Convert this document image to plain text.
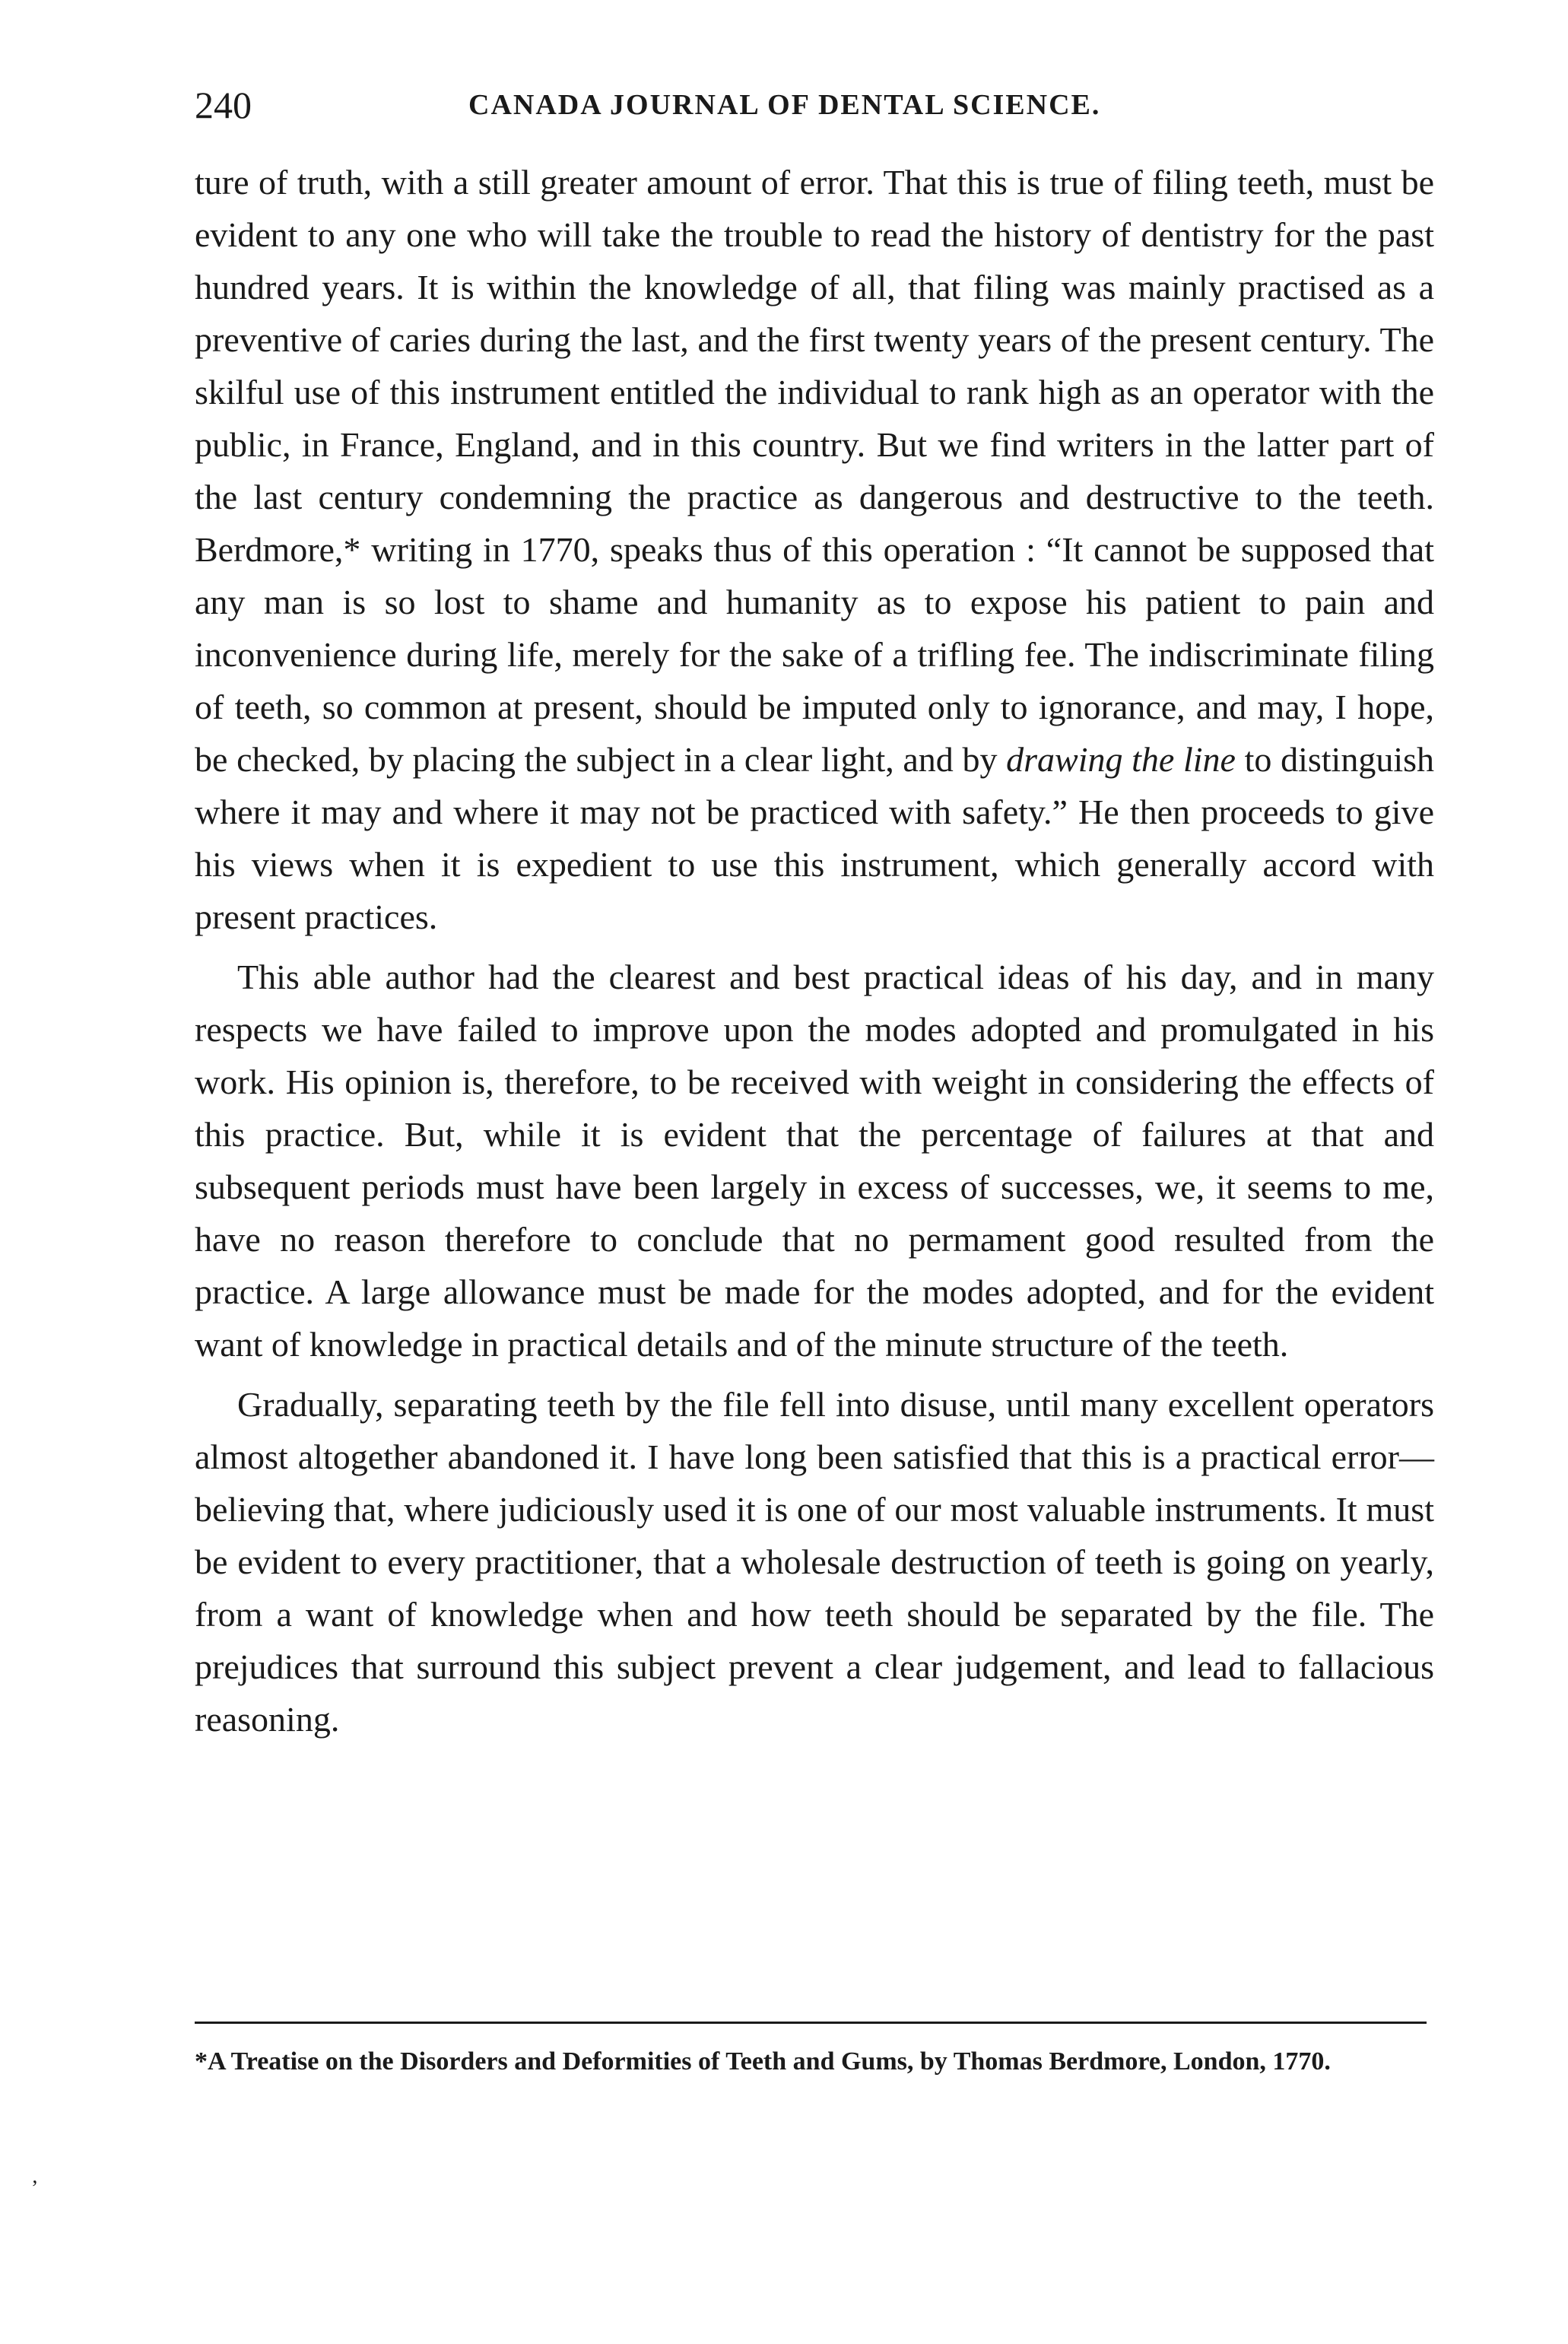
240	CANADA JOURNAL OF DENTAL SCIENCE.

ture of truth, with a still greater amount of error. That this is true of filing teeth, must be evident to any one who will take the trouble to read the history of dentistry for the past hundred years. It is within the knowledge of all, that filing was mainly practised as a preventive of caries during the last, and the first twenty years of the present century. The skilful use of this instrument entitled the individual to rank high as an operator with the public, in France, England, and in this country. But we find writers in the latter part of the last century condemning the practice as dangerous and destructive to the teeth. Berdmore,* writing in 1770, speaks thus of this operation : “It cannot be supposed that any man is so lost to shame and humanity as to expose his patient to pain and inconvenience during life, merely for the sake of a trifling fee. The indiscriminate filing of teeth, so common at present, should be imputed only to ignorance, and may, I hope, be checked, by placing the subject in a clear light, and by drawing the line to distinguish where it may and where it may not be practiced with safety.” He then proceeds to give his views when it is expedient to use this instrument, which generally accord with present practices.

This able author had the clearest and best practical ideas of his day, and in many respects we have failed to improve upon the modes adopted and promulgated in his work. His opinion is, therefore, to be received with weight in considering the effects of this practice. But, while it is evident that the percentage of failures at that and subsequent periods must have been largely in excess of successes, we, it seems to me, have no reason therefore to conclude that no permament good resulted from the practice. A large allowance must be made for the modes adopted, and for the evident want of knowledge in practical details and of the minute structure of the teeth.

Gradually, separating teeth by the file fell into disuse, until many excellent operators almost altogether abandoned it. I have long been satisfied that this is a practical error—believing that, where judiciously used it is one of our most valuable instruments. It must be evident to every practitioner, that a wholesale destruction of teeth is going on yearly, from a want of knowledge when and how teeth should be separated by the file. The prejudices that surround this subject prevent a clear judgement, and lead to fallacious reasoning.

*A Treatise on the Disorders and Deformities of Teeth and Gums, by Thomas Berdmore, London, 1770.
ʼ
